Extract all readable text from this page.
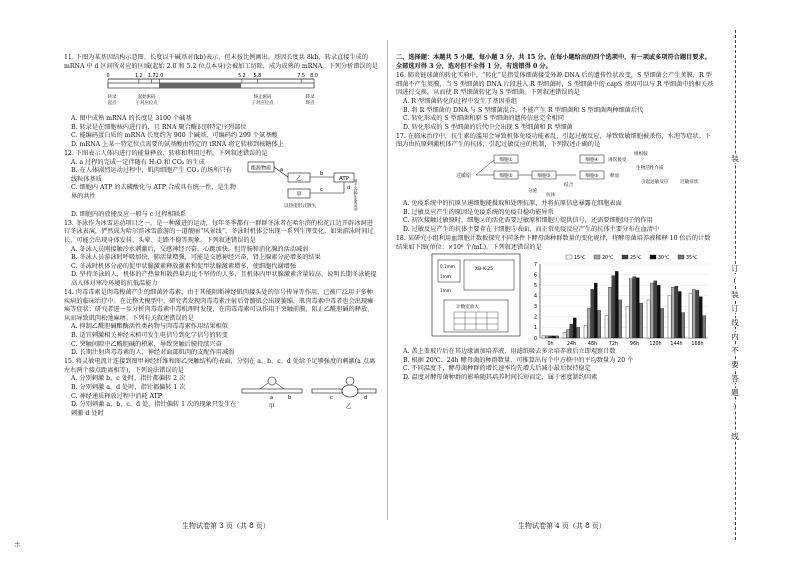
11. 下图为某基因结构示意图，长度以千碱基对(kb)表示，但未按比例画出。基因长度共 8kb，转录直接生成的 mRNA 中 d 区间所对应的区域(起始 2.0 和 5.2 位点本身)会被加工切除，成为成熟的 mRNA。下列分析错误的是

0	1.2 1.7 2.0	5.2 5.8	7.5 8.0
转录
起点
起始密码
子对应位点
终止密码
子对应位点
转录
终点

A. 图中成熟 mRNA 的长度是 3100 个碱基

B. 转录是在细胞核内进行的，且 RNA 聚合酶识别特定序列部位

C. 能编码蛋白质的 mRNA 长度约为 900 个碱基，可编码约 299 个氨基酸

D. mRNA 上某一特定位点需要的氨基酸由特定的 tRNA 将它转移到核糖体上

12. 下图表示人体内进行的能量释放、转移和利用过程。下列叙述错误的是

A. a 过程的完成一定伴随有 H₂O 和 CO₂ 的生成

B. 在人体剧烈运动过程中，肌肉细胞产生 CO₂ 的场所只有线粒体基质

C. 细胞内 ATP 的去磷酸化与 ATP 合成具有统一性，是生物界的共性

能源物质
乙	ATP
甲
a
b
c	d
以热能形式散失	用于各种生命活动

D. 细胞内的放能反应一般与 c 过程相联系

13. 冬泳作为冰雪运动项目之一，是一种激进的运动，每年冬季都有一群群冬泳者在哈尔滨的松花江边开辟冰洞进行冬泳表演，俨然成为哈尔滨冰雪旅游的一道靓丽“风景线”。冬泳时机体会出现一系列生理变化，如果游泳时间过长，可能会出现身体发抖、头晕、走路不稳等现象。下列叙述错误的是

A. 冬泳人员刚接触冷水刺激后，交感神经兴奋，心跳加快，但胃肠和消化腺的活动减弱

B. 冬泳人员游泳时呼吸加快，肺活量增强，可能是交感神经兴奋，肾上腺素分泌增多的结果

C. 冬泳时机体分泌的促甲状腺激素释放激素和促甲状腺激素增多，使细胞代谢增强

D. 坚持冬泳的人，机体的产热量和散热量均比不坚持的人多，且机体内甲状腺激素含量较高，说明长期冬泳能提高人体对寒冷环境的抗低温能力

14. 肉毒毒素是肉毒梭菌产生的细菌外毒素，由于其能阻断神经肌肉接头处的信号传导等作用，已被广泛用于多种疾病的临床治疗中。在比格犬模型中，研究者发现肉毒毒素注射后骨骼肌会出现萎缩，肌肉毒素中毒者也会出现瘫痪等症状；研究者进一步分析肉毒毒素中毒机理时发现，在肉毒毒素可以作用于突触前膜，阻止乙酰胆碱的释放，从而导致肌肉松弛麻痹。下列有关叙述错误的是

A. 抑制乙酰胆碱酯酶活性类药物与肉毒毒素作用结果相似

B. 适宜刺激相关神经末梢可发生电信号到化学信号的转变

C. 突触间隙中乙酰胆碱的积累，导致突触后膜持续兴奋

D. 长期注射肉毒毒素的人，神经对面部肌肉的支配作用减弱

15. 将灵敏电流计连接到图甲神经纤维和图乙突触结构的表面，分别在 a、b、c、d 处给予足够强度的刺激(a 点离左右两个接点距离相等)，下列说法错误的是

A. 分别刺激 b、c 处时，指针都偏转 2 次

B. 分别刺激 a、d 处时，指针都偏转 1 次

C. 神经递质释放过程中消耗 ATP

D. 分别刺激 a、b、c、d 处，指针偏转 1 次的现象只发生在刺激 d 处时

a	b
甲
c	d
乙
生物试卷第 3 页（共 8 页）

二、选择题：本题共 5 小题，每小题 3 分，共 15 分。在每小题给出的四个选项中，有一项或多项符合题目要求。全部选对得 3 分，选对但不全得 1 分，有选错得 0 分。

16. 肺炎链球菌的转化实验中，“转化”是指受体细菌接受外源 DNA 后的遗传性状改变，S 型细菌会产生荚膜，R 型细菌不产生荚膜，当 S 型细菌的 DNA 片段进入 R 型细菌时，S 型细菌中的 capS 基因可以与 R 型细菌中的相关基因进行交换，从而使 R 型细菌转化为 S 型细菌。下列叙述错误的是

A. R 型细菌转化的过程中发生了基因重组

B. 将 R 型细菌的 DNA 与 S 型细菌混合，不能产生 R 型细菌和 S 型细菌两种细菌后代

C. 转化形成的 S 型细菌和原 S 型细菌的遗传信息完全相同

D. 转化形成的 S 型细菌的后代中会出现 S 型细菌和 R 型细菌

17. 在临床治疗中，抗生素的滥用会导致机体免疫功能紊乱，引起过敏反应，导致致敏细胞被杀伤，水泡等症状。下图为由抗原刺激机体产生的抗体，引起过敏反应的机制，下列叙述正确的是

过敏原
细胞①
细胞②	细胞③
分泌
抗体
结合
细胞④
细胞⑤
再次接受
释放
组织胺
生物活性介质
引起过敏反应 过敏症状

A. 免疫系统中的抗原呈递细胞能摄取和处理抗原，并将抗原信息暴露在细胞表面

B. 过敏反应产生的原因是免疫系统的免疫自稳功能异常

C. 初次接触过敏原时，细胞②的活化需要过敏原和细胞①提供信号，还需要细胞因子的作用

D. 过敏反应产生的抗体主要存在于细胞⑤表面，而正常免疫反应产生的抗体主要分布在血清中

18. 某研究小组利用血细胞计数板探究不同条件下酵母菌种群数量的变化规律，将酵母菌培养液稀释 10 倍后的计数结果如下图(单位：×10⁶ 个/mL)。下列叙述错误的是

0.1mm
1mm
1mm
XB-K-25
计数室放大
0
1
2
3
4
5
6
7
0h	24h 48h 72h 96h 120h 144h 168h
15℃	20℃	25℃	30℃	35℃

A. 盖上盖玻片后在其边缘滴加培养液，用滤纸吸去多余培养液后立即观察计数

B. 根据 20℃、24h 酵母菌的种群数量，可推算出每个中方格中的平均数量为 20 个

C. 不同温度下，酵母菌种群的增长速率均先增大后减小最后保持稳定

D. 温度对酵母菌种群的影响随其培养时间长短而定，属于密度制约因素

生物试卷第 4 页（共 8 页）
装
订
(
装
订
线
内
不
要
答
题
)
线
ホ
